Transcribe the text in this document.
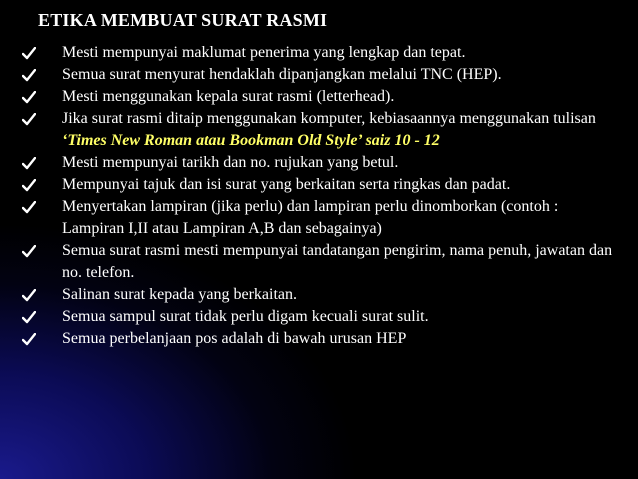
ETIKA MEMBUAT SURAT RASMI
Mesti mempunyai maklumat penerima yang lengkap dan tepat.
Semua surat menyurat hendaklah dipanjangkan melalui TNC (HEP).
Mesti menggunakan kepala surat rasmi (letterhead).
Jika surat rasmi ditaip menggunakan komputer, kebiasaannya menggunakan tulisan ‘Times New Roman atau Bookman Old Style’ saiz 10 - 12
Mesti mempunyai tarikh dan no. rujukan yang betul.
Mempunyai tajuk dan isi surat yang berkaitan serta ringkas dan padat.
Menyertakan lampiran (jika perlu) dan lampiran perlu dinomborkan (contoh : Lampiran I,II atau Lampiran A,B dan sebagainya)
Semua surat rasmi mesti mempunyai tandatangan pengirim, nama penuh, jawatan dan no. telefon.
Salinan surat kepada yang berkaitan.
Semua sampul surat tidak perlu digam kecuali surat sulit.
Semua perbelanjaan pos adalah di bawah urusan HEP
